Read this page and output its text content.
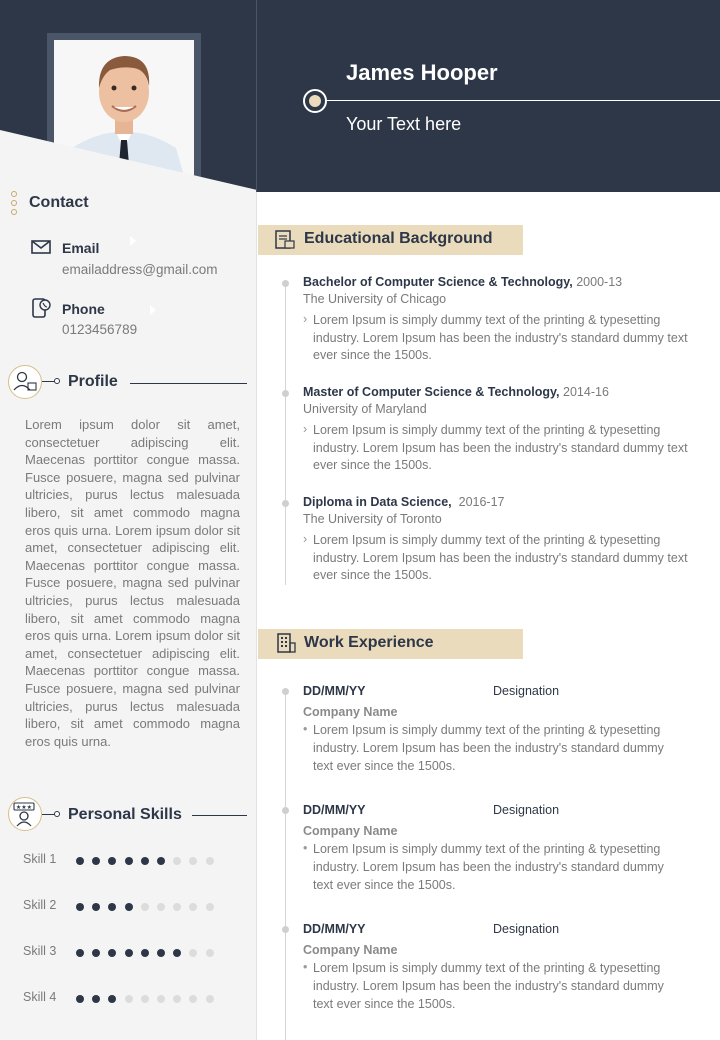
James Hooper
Your Text here
Contact
Email
emailaddress@gmail.com
Phone
0123456789
Profile
Lorem ipsum dolor sit amet, consectetuer adipiscing elit. Maecenas porttitor congue massa. Fusce posuere, magna sed pulvinar ultricies, purus lectus malesuada libero, sit amet commodo magna eros quis urna. Lorem ipsum dolor sit amet, consectetuer adipiscing elit. Maecenas porttitor congue massa. Fusce posuere, magna sed pulvinar ultricies, purus lectus malesuada libero, sit amet commodo magna eros quis urna. Lorem ipsum dolor sit amet, consectetuer adipiscing elit. Maecenas porttitor congue massa. Fusce posuere, magna sed pulvinar ultricies, purus lectus malesuada libero, sit amet commodo magna eros quis urna.
★★★ Personal Skills
Skill 1
Skill 2
Skill 3
Skill 4
Educational Background
Bachelor of Computer Science & Technology, 2000-13
The University of Chicago
› Lorem Ipsum is simply dummy text of the printing & typesetting industry. Lorem Ipsum has been the industry's standard dummy text ever since the 1500s.
Master of Computer Science & Technology, 2014-16
University of Maryland
› Lorem Ipsum is simply dummy text of the printing & typesetting industry. Lorem Ipsum has been the industry's standard dummy text ever since the 1500s.
Diploma in Data Science, 2016-17
The University of Toronto
› Lorem Ipsum is simply dummy text of the printing & typesetting industry. Lorem Ipsum has been the industry's standard dummy text ever since the 1500s.
Work Experience
DD/MM/YY	Designation
Company Name
• Lorem Ipsum is simply dummy text of the printing & typesetting industry. Lorem Ipsum has been the industry's standard dummy text ever since the 1500s.
DD/MM/YY	Designation
Company Name
• Lorem Ipsum is simply dummy text of the printing & typesetting industry. Lorem Ipsum has been the industry's standard dummy text ever since the 1500s.
DD/MM/YY	Designation
Company Name
• Lorem Ipsum is simply dummy text of the printing & typesetting industry. Lorem Ipsum has been the industry's standard dummy text ever since the 1500s.
